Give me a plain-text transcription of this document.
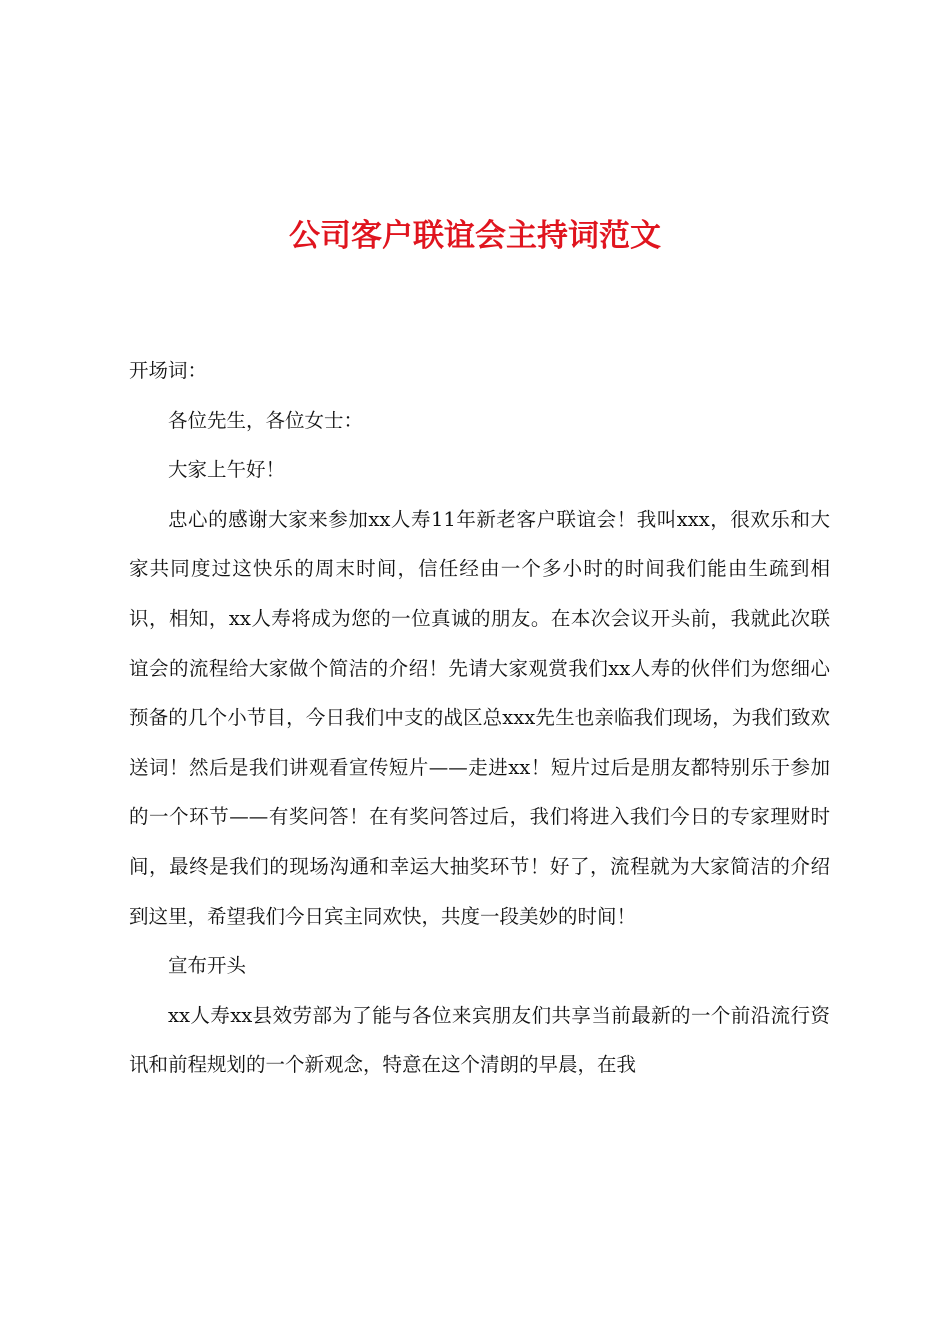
公司客户联谊会主持词范文

开场词：

各位先生，各位女士：

大家上午好！

忠心的感谢大家来参加xx人寿11年新老客户联谊会！我叫xxx，很欢乐和大家共同度过这快乐的周末时间，信任经由一个多小时的时间我们能由生疏到相识，相知，xx人寿将成为您的一位真诚的朋友。在本次会议开头前，我就此次联谊会的流程给大家做个简洁的介绍！先请大家观赏我们xx人寿的伙伴们为您细心预备的几个小节目，今日我们中支的战区总xxx先生也亲临我们现场，为我们致欢送词！然后是我们讲观看宣传短片——走进xx！短片过后是朋友都特别乐于参加的一个环节——有奖问答！在有奖问答过后，我们将进入我们今日的专家理财时间，最终是我们的现场沟通和幸运大抽奖环节！好了，流程就为大家简洁的介绍到这里，希望我们今日宾主同欢快，共度一段美妙的时间！

宣布开头

xx人寿xx县效劳部为了能与各位来宾朋友们共享当前最新的一个前沿流行资讯和前程规划的一个新观念，特意在这个清朗的早晨，在我
